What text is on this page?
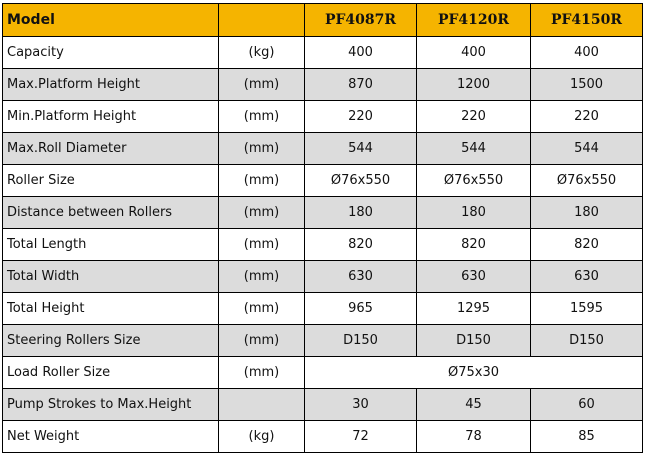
Model		PF4087R	PF4120R	PF4150R
Capacity	(kg)	400	400	400
Max.Platform Height	(mm)	870	1200	1500
Min.Platform Height	(mm)	220	220	220
Max.Roll Diameter	(mm)	544	544	544
Roller Size	(mm)	Ø76x550	Ø76x550	Ø76x550
Distance between Rollers	(mm)	180	180	180
Total Length	(mm)	820	820	820
Total Width	(mm)	630	630	630
Total Height	(mm)	965	1295	1595
Steering Rollers Size	(mm)	D150	D150	D150
Load Roller Size	(mm)	Ø75x30		
Pump Strokes to Max.Height		30	45	60
Net Weight	(kg)	72	78	85
